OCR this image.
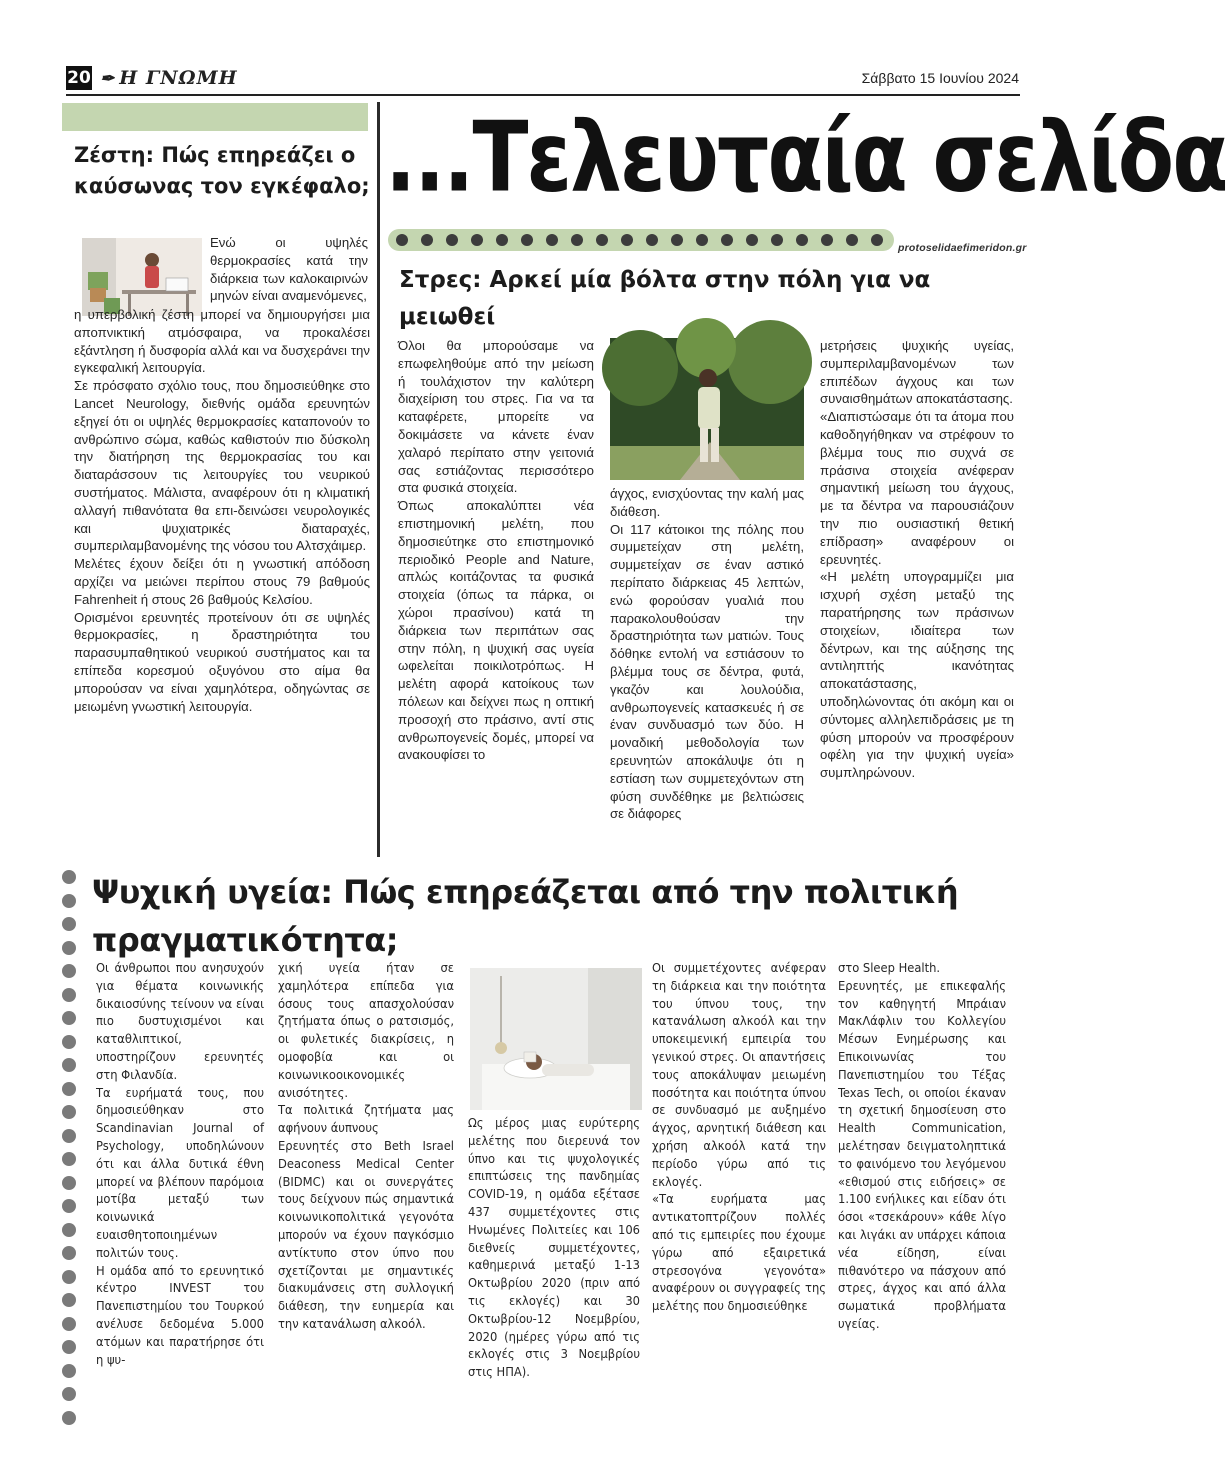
20 ✒ Η ΓΝΩΜΗ	Σάββατο 15 Ιουνίου 2024
Ζέστη: Πώς επηρεάζει ο καύσωνας τον εγκέφαλο;
Ενώ οι υψηλές θερμοκρασίες κατά την διάρκεια των καλοκαιρινών μηνών είναι αναμενόμενες,

η υπερβολική ζέστη μπορεί να δημιουργήσει μια αποπνικτική ατμόσφαιρα, να προκαλέσει εξάντληση ή δυσφορία αλλά και να δυσχεράνει την εγκεφαλική λειτουργία.

Σε πρόσφατο σχόλιο τους, που δημοσιεύθηκε στο Lancet Neurology, διεθνής ομάδα ερευνητών εξηγεί ότι οι υψηλές θερμοκρασίες καταπονούν το ανθρώπινο σώμα, καθώς καθιστούν πιο δύσκολη την διατήρηση της θερμοκρασίας του και διαταράσσουν τις λειτουργίες του νευρικού συστήματος. Μάλιστα, αναφέρουν ότι η κλιματική αλλαγή πιθανότατα θα επι-δεινώσει νευρολογικές και ψυχιατρικές διαταραχές, συμπεριλαμβανομένης της νόσου του Αλτσχάιμερ.

Μελέτες έχουν δείξει ότι η γνωστική απόδοση αρχίζει να μειώνει περίπου στους 79 βαθμούς Fahrenheit ή στους 26 βαθμούς Κελσίου.

Ορισμένοι ερευνητές προτείνουν ότι σε υψηλές θερμοκρασίες, η δραστηριότητα του παρασυμπαθητικού νευρικού συστήματος και τα επίπεδα κορεσμού οξυγόνου στο αίμα θα μπορούσαν να είναι χαμηλότερα, οδηγώντας σε μειωμένη γνωστική λειτουργία.

...Τελευταία σελίδα
protoselidaefimeridon.gr
Στρες: Αρκεί μία βόλτα στην πόλη για να μειωθεί

Όλοι θα μπορούσαμε να επωφεληθούμε από την μείωση ή τουλάχιστον την καλύτερη διαχείριση του στρες. Για να τα καταφέρετε, μπορείτε να δοκιμάσετε να κάνετε έναν χαλαρό περίπατο στην γειτονιά σας εστιάζοντας περισσότερο στα φυσικά στοιχεία.

Όπως αποκαλύπτει νέα επιστημονική μελέτη, που δημοσιεύτηκε στο επιστημονικό περιοδικό People and Nature, απλώς κοιτάζοντας τα φυσικά στοιχεία (όπως τα πάρκα, οι χώροι πρασίνου) κατά τη διάρκεια των περιπάτων σας στην πόλη, η ψυχική σας υγεία ωφελείται ποικιλοτρόπως. Η μελέτη αφορά κατοίκους των πόλεων και δείχνει πως η οπτική προσοχή στο πράσινο, αντί στις ανθρωπογενείς δομές, μπορεί να ανακουφίσει το

άγχος, ενισχύοντας την καλή μας διάθεση.

Οι 117 κάτοικοι της πόλης που συμμετείχαν στη μελέτη, συμμετείχαν σε έναν αστικό περίπατο διάρκειας 45 λεπτών, ενώ φορούσαν γυαλιά που παρακολουθούσαν την δραστηριότητα των ματιών. Τους δόθηκε εντολή να εστιάσουν το βλέμμα τους σε δέντρα, φυτά, γκαζόν και λουλούδια, ανθρωπογενείς κατασκευές ή σε έναν συνδυασμό των δύο. Η μοναδική μεθοδολογία των ερευνητών αποκάλυψε ότι η εστίαση των συμμετεχόντων στη φύση συνδέθηκε με βελτιώσεις σε διάφορες

μετρήσεις ψυχικής υγείας, συμπεριλαμβανομένων των επιπέδων άγχους και των συναισθημάτων αποκατάστασης.

«Διαπιστώσαμε ότι τα άτομα που καθοδηγήθηκαν να στρέφουν το βλέμμα τους πιο συχνά σε πράσινα στοιχεία ανέφεραν σημαντική μείωση του άγχους, με τα δέντρα να παρουσιάζουν την πιο ουσιαστική θετική επίδραση» αναφέρουν οι ερευνητές.

«Η μελέτη υπογραμμίζει μια ισχυρή σχέση μεταξύ της παρατήρησης των πράσινων στοιχείων, ιδιαίτερα των δέντρων, και της αύξησης της αντιληπτής ικανότητας αποκατάστασης, υποδηλώνοντας ότι ακόμη και οι σύντομες αλληλεπιδράσεις με τη φύση μπορούν να προσφέρουν οφέλη για την ψυχική υγεία» συμπληρώνουν.

Ψυχική υγεία: Πώς επηρεάζεται από την πολιτική πραγματικότητα;

Οι άνθρωποι που ανησυχούν για θέματα κοινωνικής δικαιοσύνης τείνουν να είναι πιο δυστυχισμένοι και καταθλιπτικοί, υποστηρίζουν ερευνητές στη Φιλανδία.

Τα ευρήματά τους, που δημοσιεύθηκαν στο Scandinavian Journal of Psychology, υποδηλώνουν ότι και άλλα δυτικά έθνη μπορεί να βλέπουν παρόμοια μοτίβα μεταξύ των κοινωνικά ευαισθητοποιημένων πολιτών τους.

Η ομάδα από το ερευνητικό κέντρο INVEST του Πανεπιστημίου του Τουρκού ανέλυσε δεδομένα 5.000 ατόμων και παρατήρησε ότι η ψυ-

χική υγεία ήταν σε χαμηλότερα επίπεδα για όσους τους απασχολούσαν ζητήματα όπως ο ρατσισμός, οι φυλετικές διακρίσεις, η ομοφοβία και οι κοινωνικοοικονομικές ανισότητες.

Τα πολιτικά ζητήματα μας αφήνουν άυπνους

Ερευνητές στο Beth Israel Deaconess Medical Center (BIDMC) και οι συνεργάτες τους δείχνουν πώς σημαντικά κοινωνικοπολιτικά γεγονότα μπορούν να έχουν παγκόσμιο αντίκτυπο στον ύπνο που σχετίζονται με σημαντικές διακυμάνσεις στη συλλογική διάθεση, την ευημερία και την κατανάλωση αλκοόλ.

Ως μέρος μιας ευρύτερης μελέτης που διερευνά τον ύπνο και τις ψυχολογικές επιπτώσεις της πανδημίας COVID-19, η ομάδα εξέτασε 437 συμμετέχοντες στις Ηνωμένες Πολιτείες και 106 διεθνείς συμμετέχοντες, καθημερινά μεταξύ 1-13 Οκτωβρίου 2020 (πριν από τις εκλογές) και 30 Οκτωβρίου-12 Νοεμβρίου, 2020 (ημέρες γύρω από τις εκλογές στις 3 Νοεμβρίου στις ΗΠΑ).

Οι συμμετέχοντες ανέφεραν τη διάρκεια και την ποιότητα του ύπνου τους, την κατανάλωση αλκοόλ και την υποκειμενική εμπειρία του γενικού στρες. Οι απαντήσεις τους αποκάλυψαν μειωμένη ποσότητα και ποιότητα ύπνου σε συνδυασμό με αυξημένο άγχος, αρνητική διάθεση και χρήση αλκοόλ κατά την περίοδο γύρω από τις εκλογές.

«Τα ευρήματα μας αντικατοπτρίζουν πολλές από τις εμπειρίες που έχουμε γύρω από εξαιρετικά στρεσογόνα γεγονότα» αναφέρουν οι συγγραφείς της μελέτης που δημοσιεύθηκε

στο Sleep Health.

Ερευνητές, με επικεφαλής τον καθηγητή Μπράιαν ΜακΛάφλιν του Κολλεγίου Μέσων Ενημέρωσης και Επικοινωνίας του Πανεπιστημίου του Τέξας Texas Tech, οι οποίοι έκαναν τη σχετική δημοσίευση στο Health Communication, μελέτησαν δειγματοληπτικά το φαινόμενο του λεγόμενου «εθισμού στις ειδήσεις» σε 1.100 ενήλικες και είδαν ότι όσοι «τσεκάρουν» κάθε λίγο και λιγάκι αν υπάρχει κάποια νέα είδηση, είναι πιθανότερο να πάσχουν από στρες, άγχος και από άλλα σωματικά προβλήματα υγείας.
